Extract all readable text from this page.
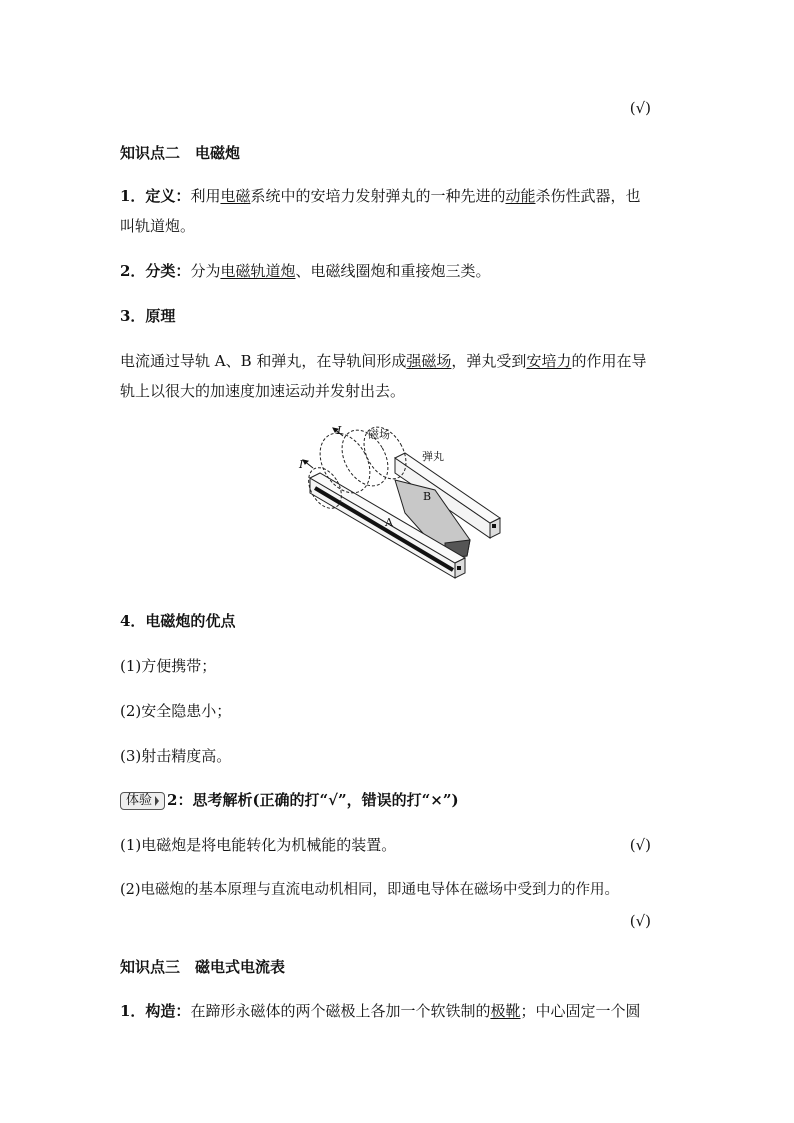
(√)
知识点二　电磁炮
1．定义：利用电磁系统中的安培力发射弹丸的一种先进的动能杀伤性武器，也
叫轨道炮。
2．分类：分为电磁轨道炮、电磁线圈炮和重接炮三类。
3．原理
电流通过导轨 A、B 和弹丸，在导轨间形成强磁场，弹丸受到安培力的作用在导
轨上以很大的加速度加速运动并发射出去。
磁场
弹丸
I
I
A
B
4．电磁炮的优点
(1)方便携带；
(2)安全隐患小；
(3)射击精度高。
体验 2：思考解析(正确的打“√”，错误的打“×”)
(1)电磁炮是将电能转化为机械能的装置。	(√)
(2)电磁炮的基本原理与直流电动机相同，即通电导体在磁场中受到力的作用。
(√)
知识点三　磁电式电流表
1．构造：在蹄形永磁体的两个磁极上各加一个软铁制的极靴；中心固定一个圆
